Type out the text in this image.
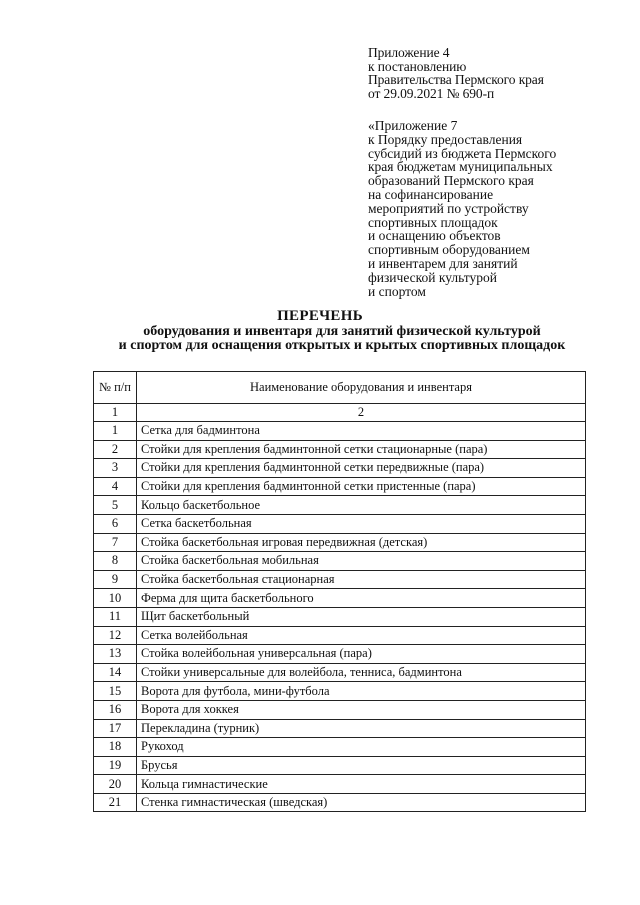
Приложение 4
к постановлению
Правительства Пермского края
от 29.09.2021 № 690-п
«Приложение 7
к Порядку предоставления
субсидий из бюджета Пермского
края бюджетам муниципальных
образований Пермского края
на софинансирование
мероприятий по устройству
спортивных площадок
и оснащению объектов
спортивным оборудованием
и инвентарем для занятий
физической культурой
и спортом
ПЕРЕЧЕНЬ
оборудования и инвентаря для занятий физической культурой
и спортом для оснащения открытых и крытых спортивных площадок
№ п/п	Наименование оборудования и инвентаря
1	2
1	Сетка для бадминтона
2	Стойки для крепления бадминтонной сетки стационарные (пара)
3	Стойки для крепления бадминтонной сетки передвижные (пара)
4	Стойки для крепления бадминтонной сетки пристенные (пара)
5	Кольцо баскетбольное
6	Сетка баскетбольная
7	Стойка баскетбольная игровая передвижная (детская)
8	Стойка баскетбольная мобильная
9	Стойка баскетбольная стационарная
10	Ферма для щита баскетбольного
11	Щит баскетбольный
12	Сетка волейбольная
13	Стойка волейбольная универсальная (пара)
14	Стойки универсальные для волейбола, тенниса, бадминтона
15	Ворота для футбола, мини-футбола
16	Ворота для хоккея
17	Перекладина (турник)
18	Рукоход
19	Брусья
20	Кольца гимнастические
21	Стенка гимнастическая (шведская)
